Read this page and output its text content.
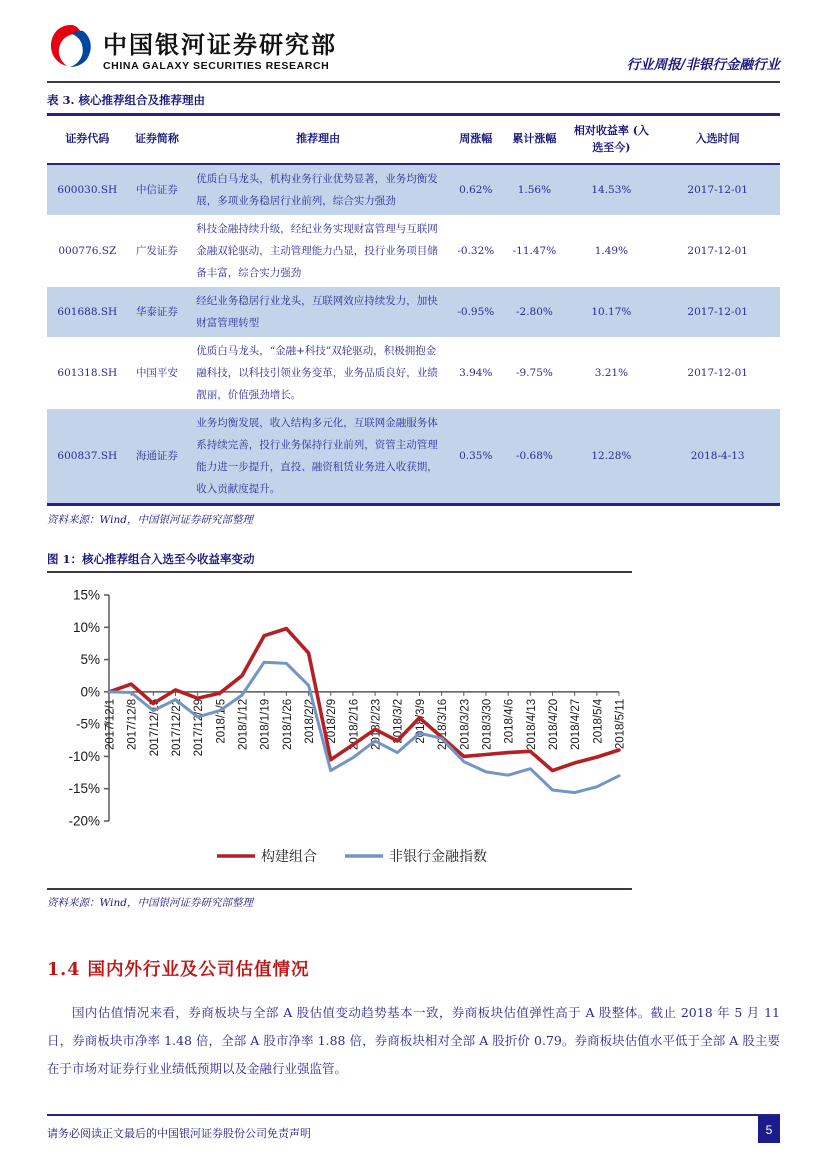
中国银河证券研究部
CHINA GALAXY SECURITIES RESEARCH	行业周报/非银行金融行业
表 3. 核心推荐组合及推荐理由
证券代码	证券简称	推荐理由	周涨幅	累计涨幅	相对收益率 (入选至今)	入选时间
600030.SH	中信证券	优质白马龙头，机构业务行业优势显著，业务均衡发展，多项业务稳居行业前列，综合实力强劲	0.62%	1.56%	14.53%	2017-12-01
000776.SZ	广发证券	科技金融持续升级，经纪业务实现财富管理与互联网金融双轮驱动，主动管理能力凸显，投行业务项目储备丰富，综合实力强劲	-0.32%	-11.47%	1.49%	2017-12-01
601688.SH	华泰证券	经纪业务稳居行业龙头，互联网效应持续发力，加快财富管理转型	-0.95%	-2.80%	10.17%	2017-12-01
601318.SH	中国平安	优质白马龙头，“金融+科技”双轮驱动，积极拥抱金融科技，以科技引领业务变革，业务品质良好，业绩靓丽，价值强劲增长。	3.94%	-9.75%	3.21%	2017-12-01
600837.SH	海通证券	业务均衡发展，收入结构多元化，互联网金融服务体系持续完善，投行业务保持行业前列，资管主动管理能力进一步提升，直投、融资租赁业务进入收获期，收入贡献度提升。	0.35%	-0.68%	12.28%	2018-4-13
资料来源：Wind，中国银河证券研究部整理
图 1：核心推荐组合入选至今收益率变动
15%
10%
5%
0%
-5%
-10%
-15%
-20%
2017/12/1 2017/12/8 2017/12/15 2017/12/22 2017/12/29 2018/1/5 2018/1/12 2018/1/19 2018/1/26 2018/2/2 2018/2/9 2018/2/16 2018/2/23 2018/3/2 2018/3/9 2018/3/16 2018/3/23 2018/3/30 2018/4/6 2018/4/13 2018/4/20 2018/4/27 2018/5/4 2018/5/11
构建组合	非银行金融指数
资料来源：Wind，中国银河证券研究部整理
1.4 国内外行业及公司估值情况

国内估值情况来看，券商板块与全部 A 股估值变动趋势基本一致，券商板块估值弹性高于 A 股整体。截止 2018 年 5 月 11 日，券商板块市净率 1.48 倍，全部 A 股市净率 1.88 倍，券商板块相对全部 A 股折价 0.79。券商板块估值水平低于全部 A 股主要在于市场对证券行业业绩低预期以及金融行业强监管。

请务必阅读正文最后的中国银河证券股份公司免责声明	5
